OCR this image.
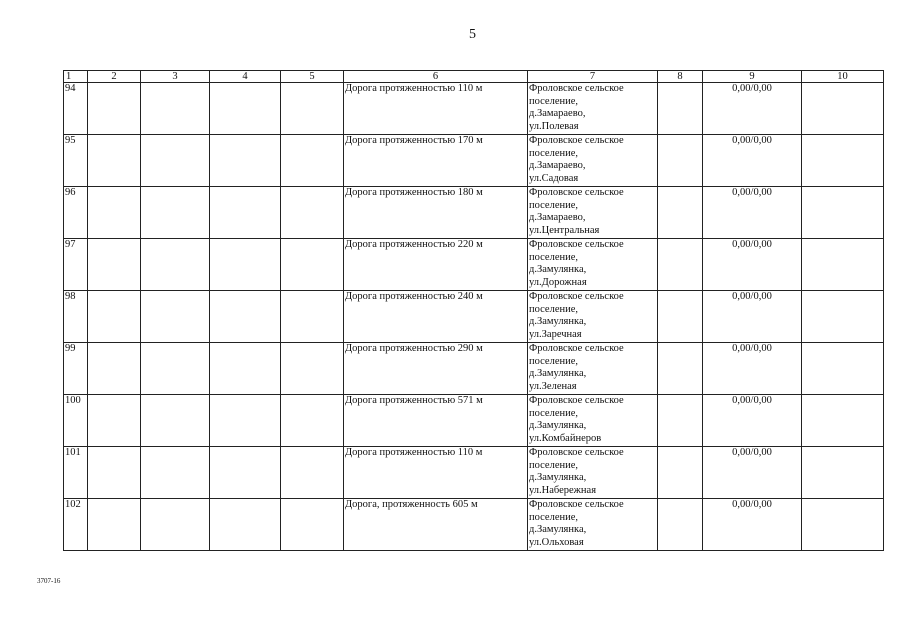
5
1	2	3	4	5	6	7	8	9	10
94					Дорога протяженностью 110 м	Фроловское сельское
поселение,
д.Замараево,
ул.Полевая		0,00/0,00	
95					Дорога протяженностью 170 м	Фроловское сельское
поселение,
д.Замараево,
ул.Садовая		0,00/0,00	
96					Дорога протяженностью 180 м	Фроловское сельское
поселение,
д.Замараево,
ул.Центральная		0,00/0,00	
97					Дорога протяженностью 220 м	Фроловское сельское
поселение,
д.Замулянка,
ул.Дорожная		0,00/0,00	
98					Дорога протяженностью 240 м	Фроловское сельское
поселение,
д.Замулянка,
ул.Заречная		0,00/0,00	
99					Дорога протяженностью 290 м	Фроловское сельское
поселение,
д.Замулянка,
ул.Зеленая		0,00/0,00	
100					Дорога протяженностью 571 м	Фроловское сельское
поселение,
д.Замулянка,
ул.Комбайнеров		0,00/0,00	
101					Дорога протяженностью 110 м	Фроловское сельское
поселение,
д.Замулянка,
ул.Набережная		0,00/0,00	
102					Дорога, протяженность 605 м	Фроловское сельское
поселение,
д.Замулянка,
ул.Ольховая		0,00/0,00	
3707-16
